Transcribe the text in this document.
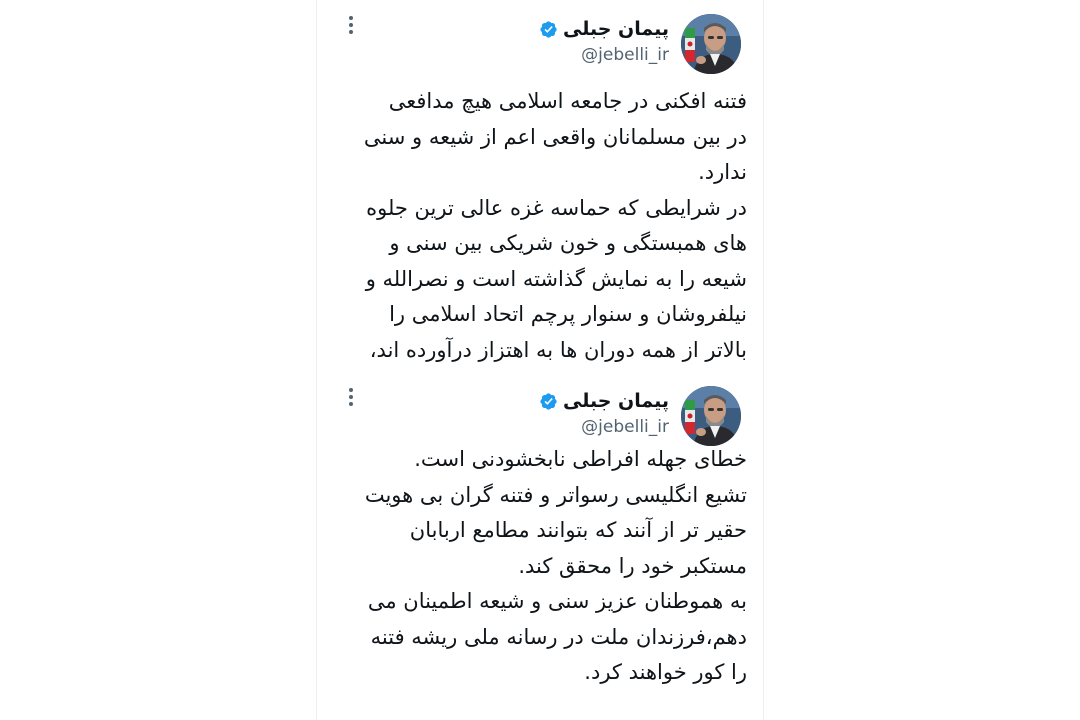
پیمان جبلی
@jebelli_ir
فتنه افکنی در جامعه اسلامی هیچ مدافعی
در بین مسلمانان واقعی اعم از شیعه و سنی
ندارد.
در شرایطی که حماسه غزه عالی ترین جلوه
های همبستگی و خون شریکی بین سنی و
شیعه را به نمایش گذاشته است و نصرالله و
نیلفروشان و سنوار پرچم اتحاد اسلامی را
بالاتر از همه دوران ها به اهتزاز درآورده اند،
پیمان جبلی
@jebelli_ir
خطای جهله افراطی نابخشودنی است.
تشیع انگلیسی رسواتر و فتنه گران بی هویت
حقیر تر از آنند که بتوانند مطامع اربابان
مستکبر خود را محقق کند.
به هموطنان عزیز سنی و شیعه اطمینان می
دهم،فرزندان ملت در رسانه ملی ریشه فتنه
را کور خواهند کرد.
